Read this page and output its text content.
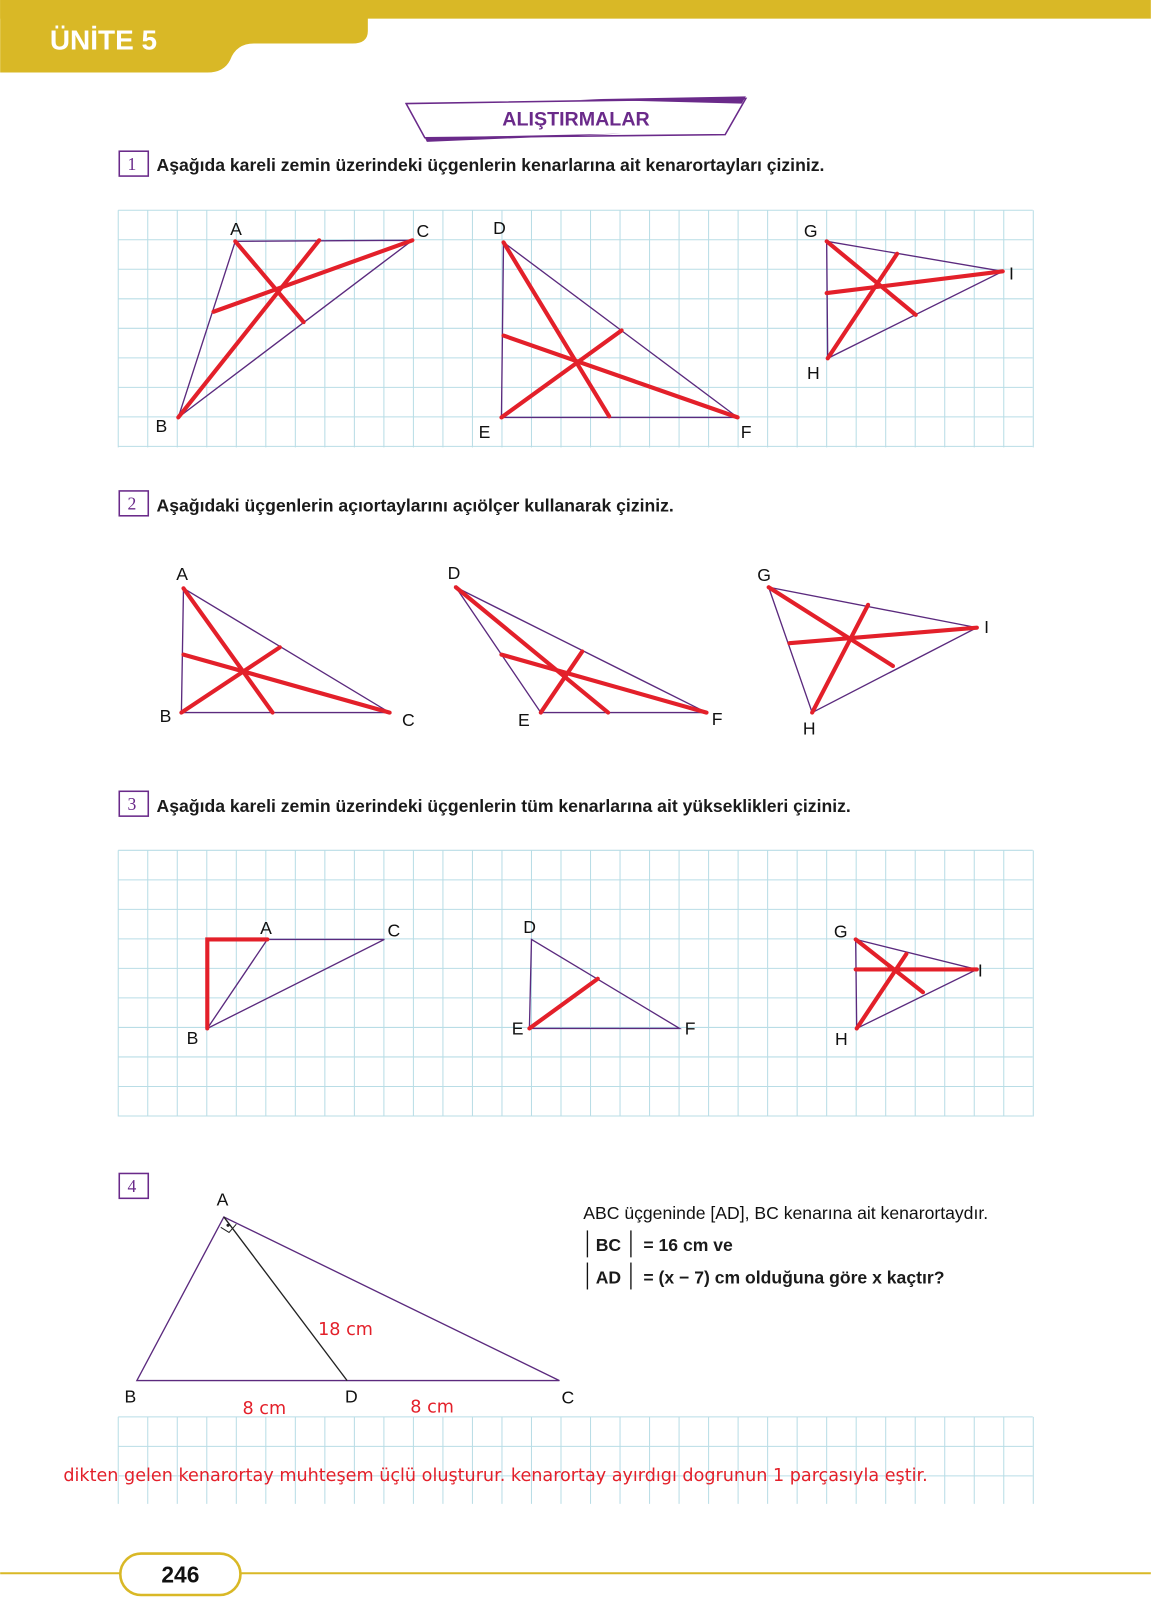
ÜNİTE 5
ALIŞTIRMALAR
1 Aşağıda kareli zemin üzerindeki üçgenlerin kenarlarına ait kenarortayları çiziniz.
A
B
C	D
E	F
G
H
I
2 Aşağıdaki üçgenlerin açıortaylarını açıölçer kullanarak çiziniz.
A
B	C
D
E	F
G
H
I
3 Aşağıda kareli zemin üzerindeki üçgenlerin tüm kenarlarına ait yükseklikleri çiziniz.
A
B
C	D
E	F
G
H
I
4
A
B	C
D
18 cm
8 cm	8 cm
ABC üçgeninde [AD], BC kenarına ait kenarortaydır.
BC = 16 cm ve
AD = (x − 7) cm olduğuna göre x kaçtır?
dikten gelen kenarortay muhteşem üçlü oluşturur. kenarortay ayırdıgı dogrunun 1 parçasıyla eştir.
246
